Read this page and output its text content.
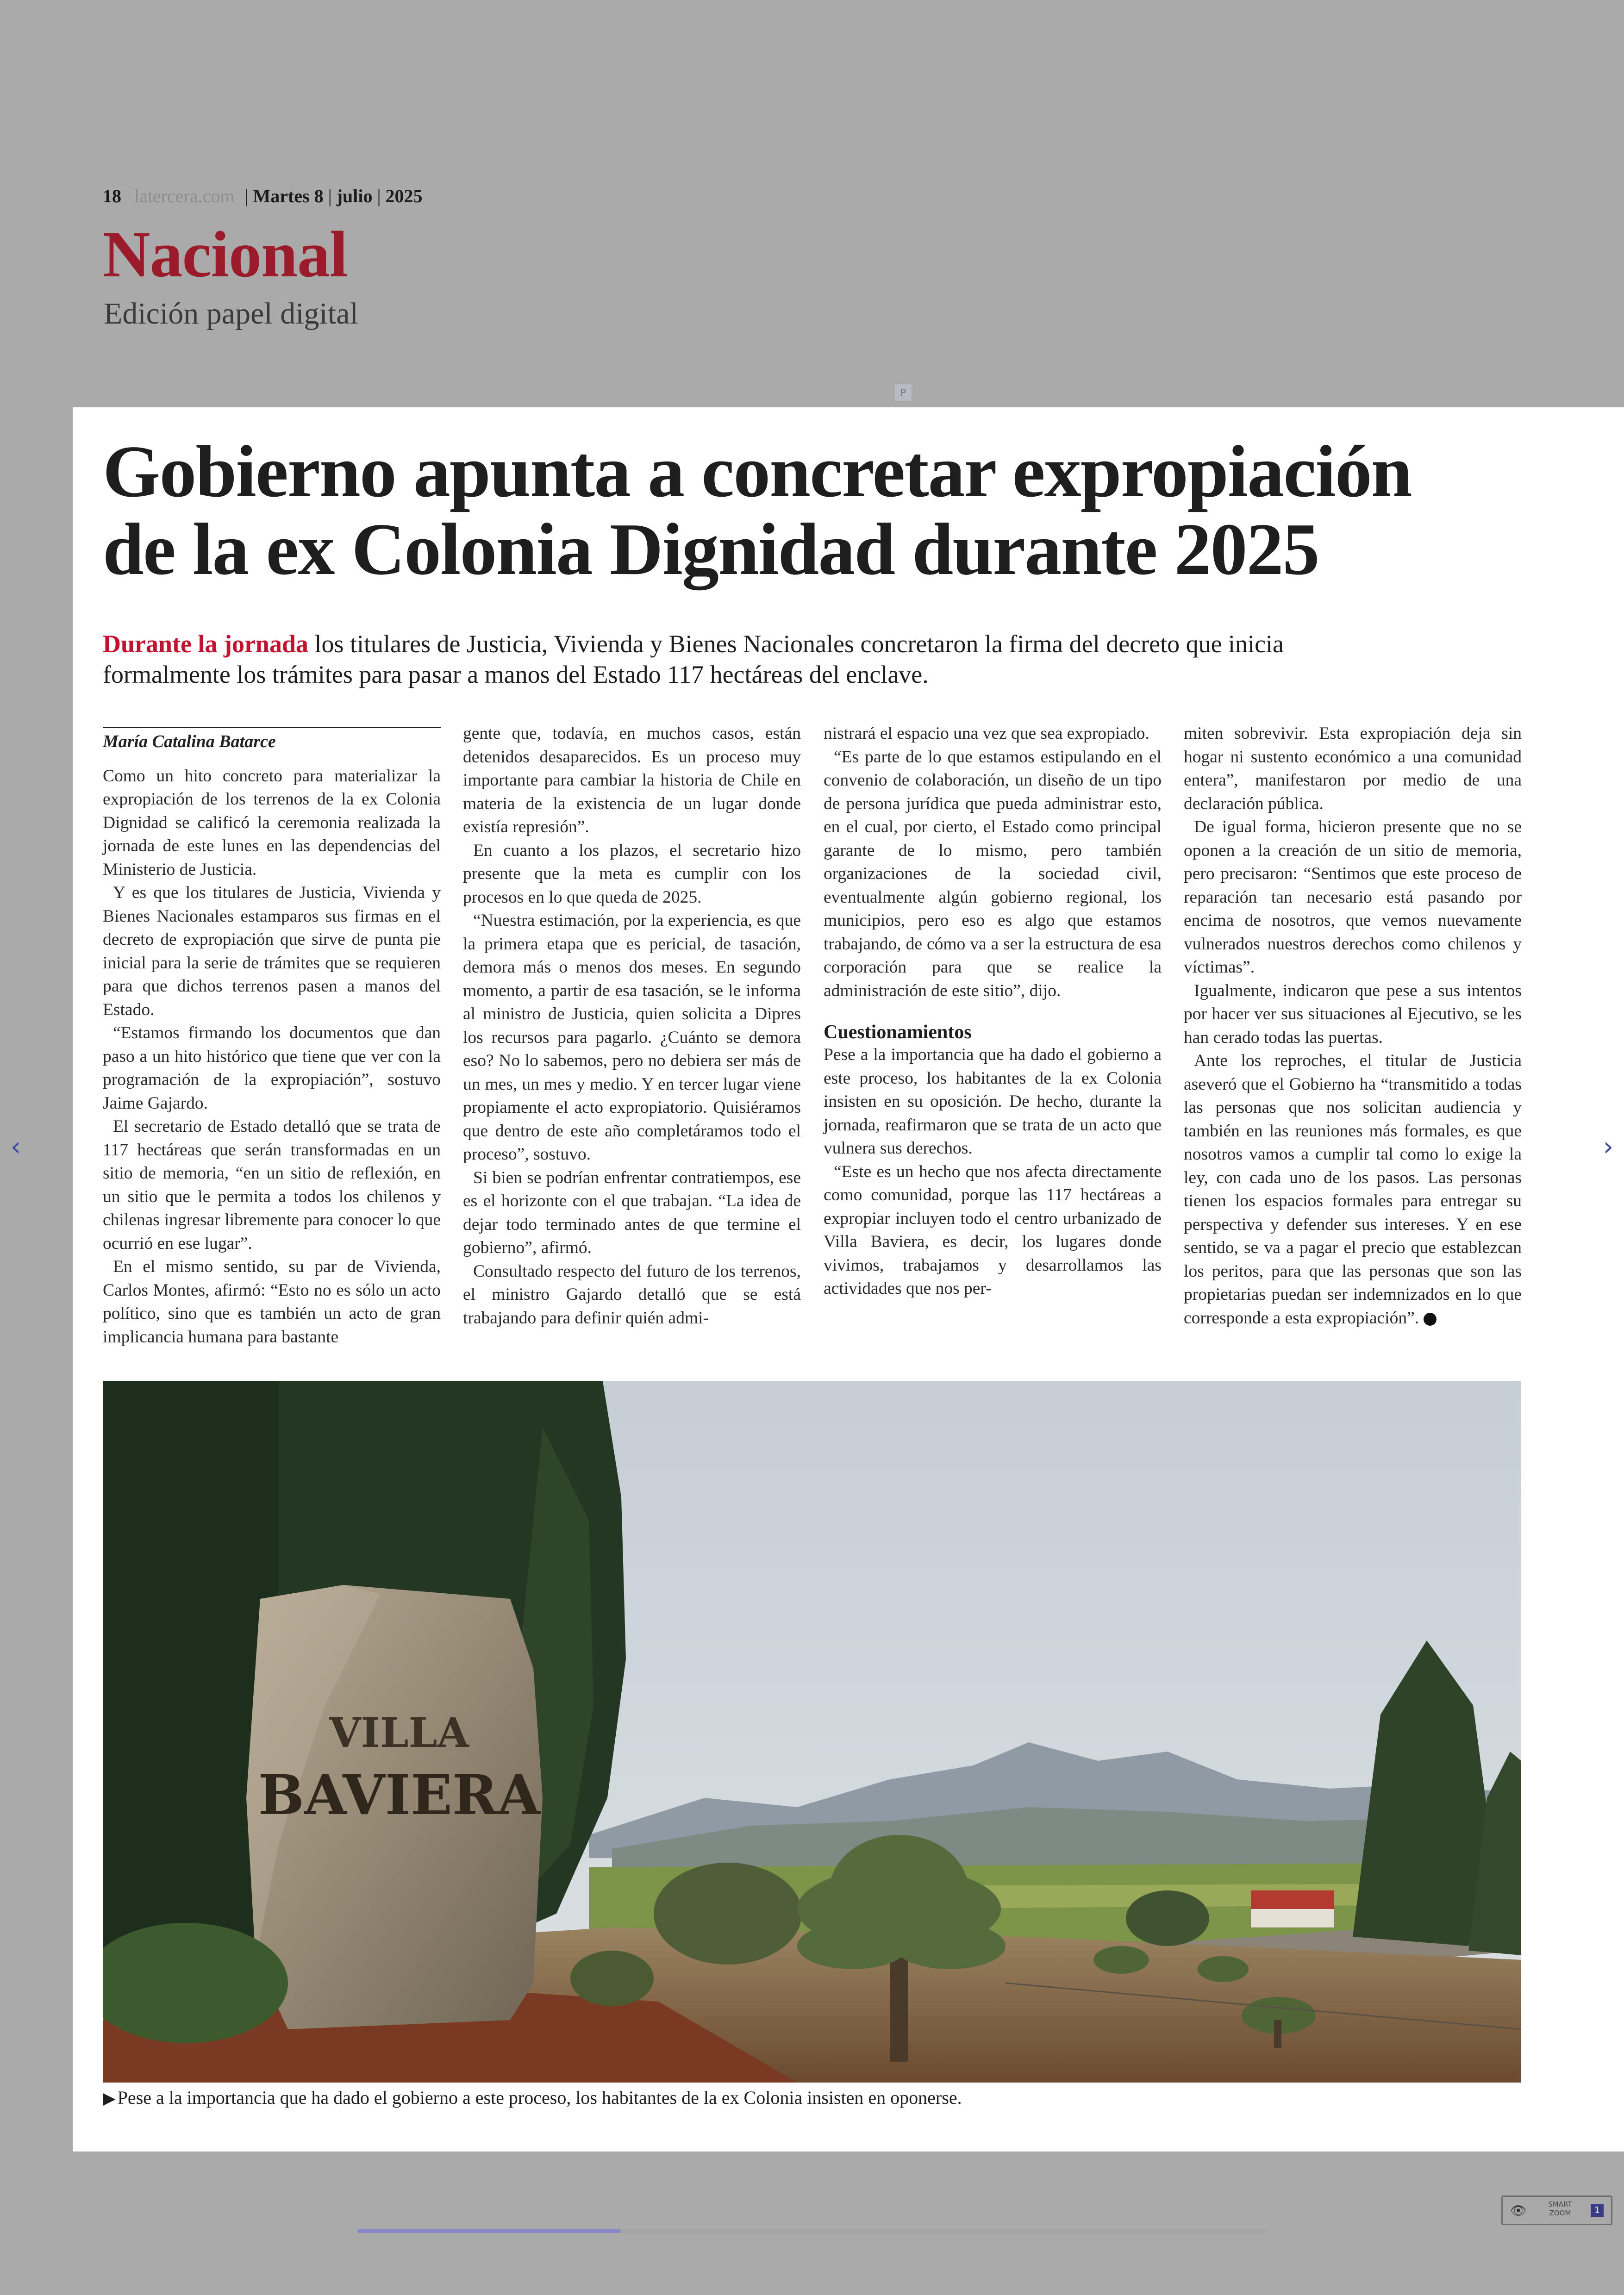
18 latercera.com | Martes 8 | julio | 2025
Nacional
Edición papel digital
P
Gobierno apunta a concretar expropiación
de la ex Colonia Dignidad durante 2025
Durante la jornada los titulares de Justicia, Vivienda y Bienes Nacionales concretaron la firma del decreto que inicia formalmente los trámites para pasar a manos del Estado 117 hectáreas del enclave.
María Catalina Batarce

Como un hito concreto para materializar la expropiación de los terrenos de la ex Colonia Dignidad se calificó la ceremonia realizada la jornada de este lunes en las dependencias del Ministerio de Justicia.

Y es que los titulares de Justicia, Vivienda y Bienes Nacionales estamparos sus firmas en el decreto de expropiación que sirve de punta pie inicial para la serie de trámites que se requieren para que dichos terrenos pasen a manos del Estado.

“Estamos firmando los documentos que dan paso a un hito histórico que tiene que ver con la programación de la expropiación”, sostuvo Jaime Gajardo.

El secretario de Estado detalló que se trata de 117 hectáreas que serán transformadas en un sitio de memoria, “en un sitio de reflexión, en un sitio que le permita a todos los chilenos y chilenas ingresar libremente para conocer lo que ocurrió en ese lugar”.

En el mismo sentido, su par de Vivienda, Carlos Montes, afirmó: “Esto no es sólo un acto político, sino que es también un acto de gran implicancia humana para bastante

gente que, todavía, en muchos casos, están detenidos desaparecidos. Es un proceso muy importante para cambiar la historia de Chile en materia de la existencia de un lugar donde existía represión”.

En cuanto a los plazos, el secretario hizo presente que la meta es cumplir con los procesos en lo que queda de 2025.

“Nuestra estimación, por la experiencia, es que la primera etapa que es pericial, de tasación, demora más o menos dos meses. En segundo momento, a partir de esa tasación, se le informa al ministro de Justicia, quien solicita a Dipres los recursos para pagarlo. ¿Cuánto se demora eso? No lo sabemos, pero no debiera ser más de un mes, un mes y medio. Y en tercer lugar viene propiamente el acto expropiatorio. Quisiéramos que dentro de este año completáramos todo el proceso”, sostuvo.

Si bien se podrían enfrentar contratiempos, ese es el horizonte con el que trabajan. “La idea de dejar todo terminado antes de que termine el gobierno”, afirmó.

Consultado respecto del futuro de los terrenos, el ministro Gajardo detalló que se está trabajando para definir quién admi-

nistrará el espacio una vez que sea expropiado.

“Es parte de lo que estamos estipulando en el convenio de colaboración, un diseño de un tipo de persona jurídica que pueda administrar esto, en el cual, por cierto, el Estado como principal garante de lo mismo, pero también organizaciones de la sociedad civil, eventualmente algún gobierno regional, los municipios, pero eso es algo que estamos trabajando, de cómo va a ser la estructura de esa corporación para que se realice la administración de este sitio”, dijo.

Cuestionamientos

Pese a la importancia que ha dado el gobierno a este proceso, los habitantes de la ex Colonia insisten en su oposición. De hecho, durante la jornada, reafirmaron que se trata de un acto que vulnera sus derechos.

“Este es un hecho que nos afecta directamente como comunidad, porque las 117 hectáreas a expropiar incluyen todo el centro urbanizado de Villa Baviera, es decir, los lugares donde vivimos, trabajamos y desarrollamos las actividades que nos per-

miten sobrevivir. Esta expropiación deja sin hogar ni sustento económico a una comunidad entera”, manifestaron por medio de una declaración pública.

De igual forma, hicieron presente que no se oponen a la creación de un sitio de memoria, pero precisaron: “Sentimos que este proceso de reparación tan necesario está pasando por encima de nosotros, que vemos nuevamente vulnerados nuestros derechos como chilenos y víctimas”.

Igualmente, indicaron que pese a sus intentos por hacer ver sus situaciones al Ejecutivo, se les han cerado todas las puertas.

Ante los reproches, el titular de Justicia aseveró que el Gobierno ha “transmitido a todas las personas que nos solicitan audiencia y también en las reuniones más formales, es que nosotros vamos a cumplir tal como lo exige la ley, con cada uno de los pasos. Las personas tienen los espacios formales para entregar su perspectiva y defender sus intereses. Y en ese sentido, se va a pagar el precio que establezcan los peritos, para que las personas que son las propietarias puedan ser indemnizados en lo que corresponde a esta expropiación”.

VILLA
BAVIERA
▶ Pese a la importancia que ha dado el gobierno a este proceso, los habitantes de la ex Colonia insisten en oponerse.
‹	›
👁	SMART
ZOOM	1
